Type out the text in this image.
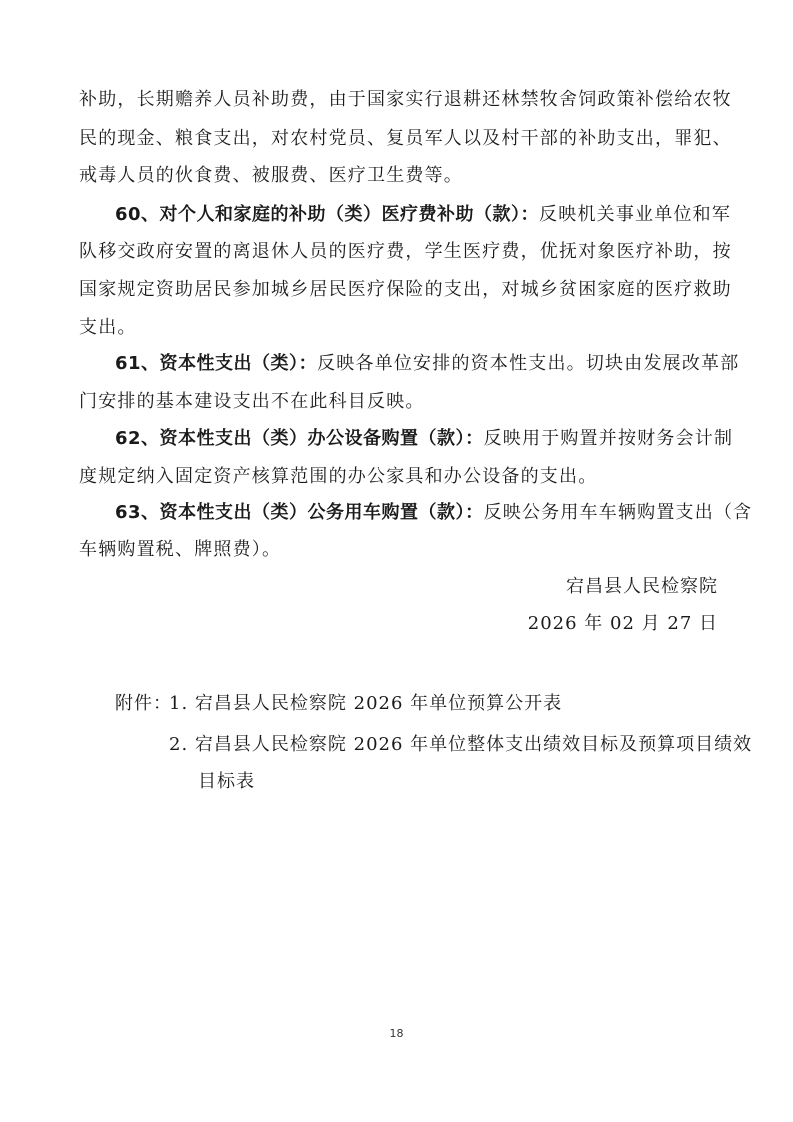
补助，长期赡养人员补助费，由于国家实行退耕还林禁牧舍饲政策补偿给农牧
民的现金、粮食支出，对农村党员、复员军人以及村干部的补助支出，罪犯、
戒毒人员的伙食费、被服费、医疗卫生费等。
60、对个人和家庭的补助（类）医疗费补助（款）：反映机关事业单位和军
队移交政府安置的离退休人员的医疗费，学生医疗费，优抚对象医疗补助，按
国家规定资助居民参加城乡居民医疗保险的支出，对城乡贫困家庭的医疗救助
支出。
61、资本性支出（类）：反映各单位安排的资本性支出。切块由发展改革部
门安排的基本建设支出不在此科目反映。
62、资本性支出（类）办公设备购置（款）：反映用于购置并按财务会计制
度规定纳入固定资产核算范围的办公家具和办公设备的支出。
63、资本性支出（类）公务用车购置（款）：反映公务用车车辆购置支出（含
车辆购置税、牌照费）。
宕昌县人民检察院
2026 年 02 月 27 日
附件：
1. 宕昌县人民检察院 2026 年单位预算公开表
2. 宕昌县人民检察院 2026 年单位整体支出绩效目标及预算项目绩效
目标表
18
